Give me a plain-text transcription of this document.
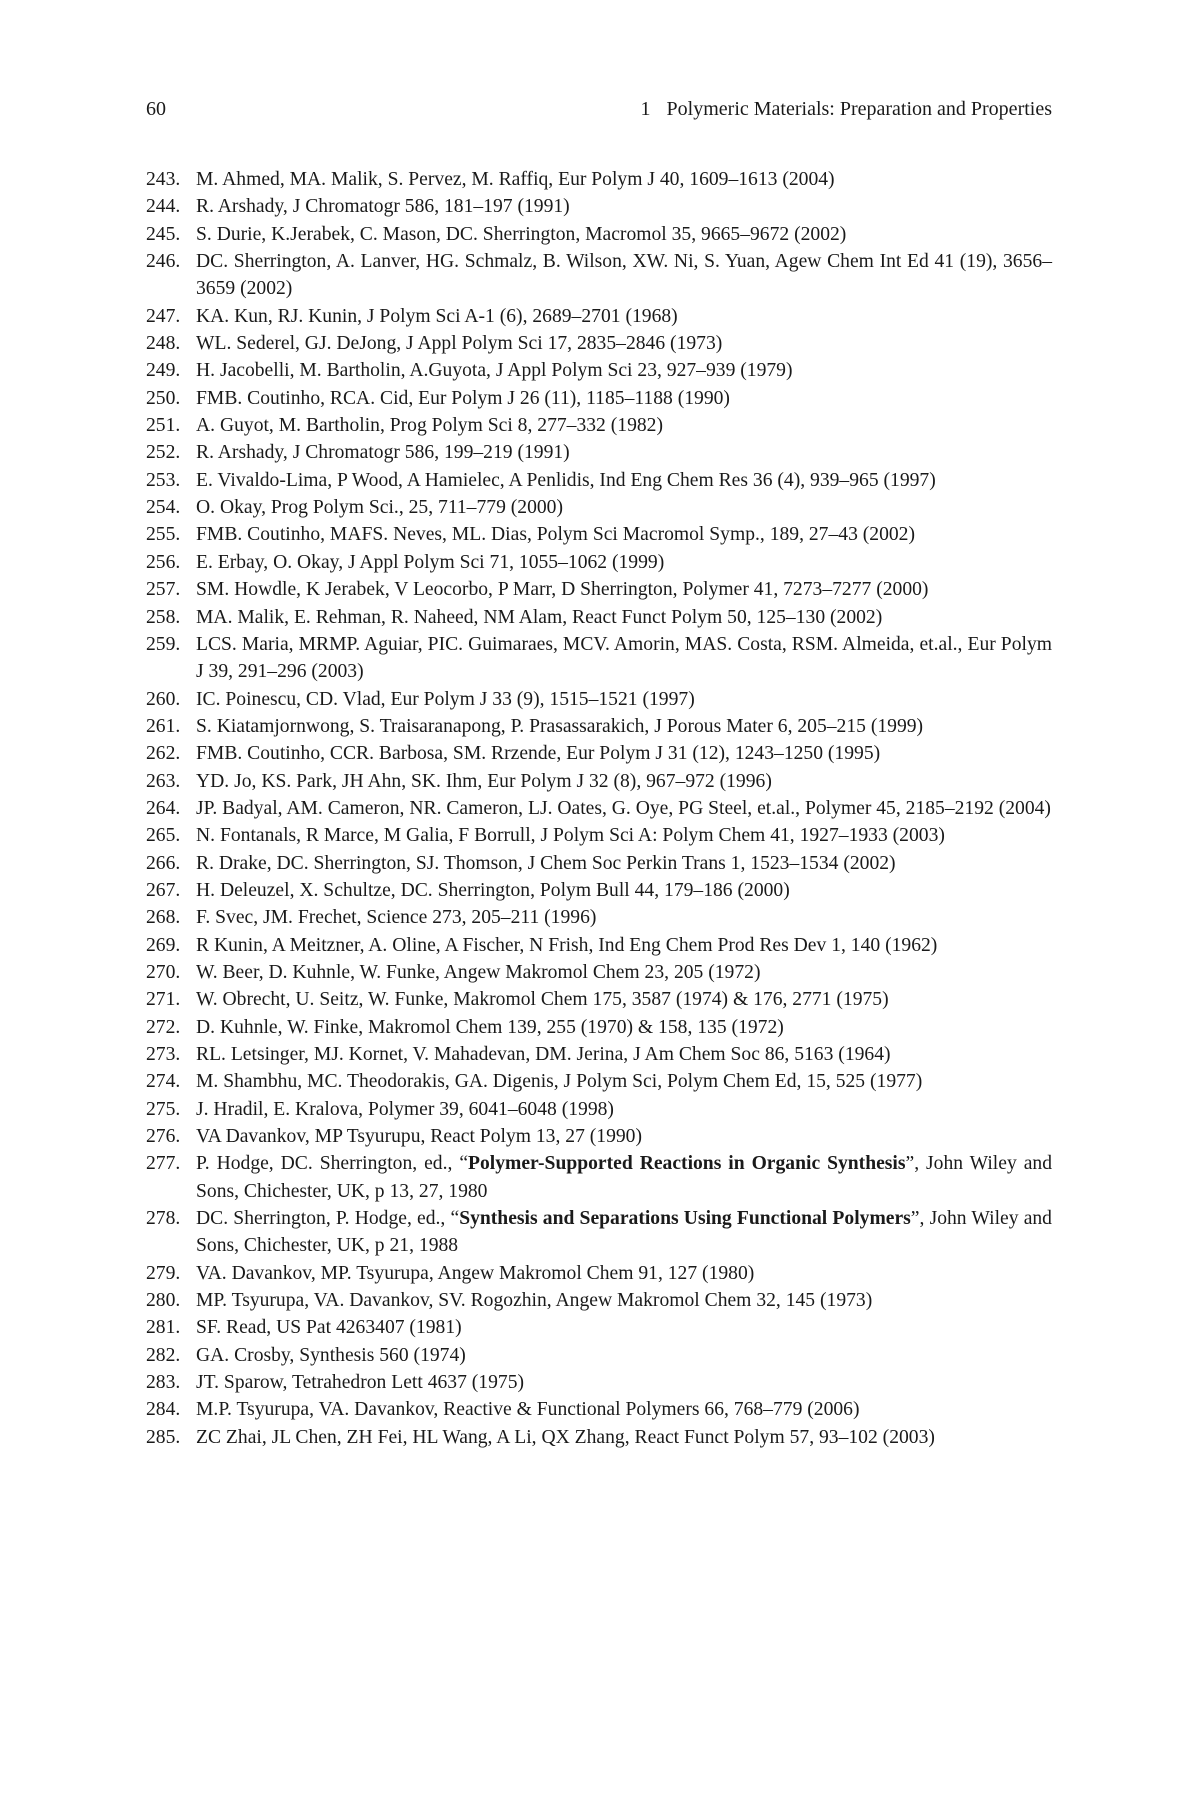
60	1 Polymeric Materials: Preparation and Properties
243. M. Ahmed, MA. Malik, S. Pervez, M. Raffiq, Eur Polym J 40, 1609–1613 (2004)
244. R. Arshady, J Chromatogr 586, 181–197 (1991)
245. S. Durie, K.Jerabek, C. Mason, DC. Sherrington, Macromol 35, 9665–9672 (2002)
246. DC. Sherrington, A. Lanver, HG. Schmalz, B. Wilson, XW. Ni, S. Yuan, Agew Chem Int Ed 41 (19), 3656–3659 (2002)
247. KA. Kun, RJ. Kunin, J Polym Sci A-1 (6), 2689–2701 (1968)
248. WL. Sederel, GJ. DeJong, J Appl Polym Sci 17, 2835–2846 (1973)
249. H. Jacobelli, M. Bartholin, A.Guyota, J Appl Polym Sci 23, 927–939 (1979)
250. FMB. Coutinho, RCA. Cid, Eur Polym J 26 (11), 1185–1188 (1990)
251. A. Guyot, M. Bartholin, Prog Polym Sci 8, 277–332 (1982)
252. R. Arshady, J Chromatogr 586, 199–219 (1991)
253. E. Vivaldo-Lima, P Wood, A Hamielec, A Penlidis, Ind Eng Chem Res 36 (4), 939–965 (1997)
254. O. Okay, Prog Polym Sci., 25, 711–779 (2000)
255. FMB. Coutinho, MAFS. Neves, ML. Dias, Polym Sci Macromol Symp., 189, 27–43 (2002)
256. E. Erbay, O. Okay, J Appl Polym Sci 71, 1055–1062 (1999)
257. SM. Howdle, K Jerabek, V Leocorbo, P Marr, D Sherrington, Polymer 41, 7273–7277 (2000)
258. MA. Malik, E. Rehman, R. Naheed, NM Alam, React Funct Polym 50, 125–130 (2002)
259. LCS. Maria, MRMP. Aguiar, PIC. Guimaraes, MCV. Amorin, MAS. Costa, RSM. Almeida, et.al., Eur Polym J 39, 291–296 (2003)
260. IC. Poinescu, CD. Vlad, Eur Polym J 33 (9), 1515–1521 (1997)
261. S. Kiatamjornwong, S. Traisaranapong, P. Prasassarakich, J Porous Mater 6, 205–215 (1999)
262. FMB. Coutinho, CCR. Barbosa, SM. Rrzende, Eur Polym J 31 (12), 1243–1250 (1995)
263. YD. Jo, KS. Park, JH Ahn, SK. Ihm, Eur Polym J 32 (8), 967–972 (1996)
264. JP. Badyal, AM. Cameron, NR. Cameron, LJ. Oates, G. Oye, PG Steel, et.al., Polymer 45, 2185–2192 (2004)
265. N. Fontanals, R Marce, M Galia, F Borrull, J Polym Sci A: Polym Chem 41, 1927–1933 (2003)
266. R. Drake, DC. Sherrington, SJ. Thomson, J Chem Soc Perkin Trans 1, 1523–1534 (2002)
267. H. Deleuzel, X. Schultze, DC. Sherrington, Polym Bull 44, 179–186 (2000)
268. F. Svec, JM. Frechet, Science 273, 205–211 (1996)
269. R Kunin, A Meitzner, A. Oline, A Fischer, N Frish, Ind Eng Chem Prod Res Dev 1, 140 (1962)
270. W. Beer, D. Kuhnle, W. Funke, Angew Makromol Chem 23, 205 (1972)
271. W. Obrecht, U. Seitz, W. Funke, Makromol Chem 175, 3587 (1974) & 176, 2771 (1975)
272. D. Kuhnle, W. Finke, Makromol Chem 139, 255 (1970) & 158, 135 (1972)
273. RL. Letsinger, MJ. Kornet, V. Mahadevan, DM. Jerina, J Am Chem Soc 86, 5163 (1964)
274. M. Shambhu, MC. Theodorakis, GA. Digenis, J Polym Sci, Polym Chem Ed, 15, 525 (1977)
275. J. Hradil, E. Kralova, Polymer 39, 6041–6048 (1998)
276. VA Davankov, MP Tsyurupu, React Polym 13, 27 (1990)
277. P. Hodge, DC. Sherrington, ed., “Polymer-Supported Reactions in Organic Synthesis”, John Wiley and Sons, Chichester, UK, p 13, 27, 1980
278. DC. Sherrington, P. Hodge, ed., “Synthesis and Separations Using Functional Polymers”, John Wiley and Sons, Chichester, UK, p 21, 1988
279. VA. Davankov, MP. Tsyurupa, Angew Makromol Chem 91, 127 (1980)
280. MP. Tsyurupa, VA. Davankov, SV. Rogozhin, Angew Makromol Chem 32, 145 (1973)
281. SF. Read, US Pat 4263407 (1981)
282. GA. Crosby, Synthesis 560 (1974)
283. JT. Sparow, Tetrahedron Lett 4637 (1975)
284. M.P. Tsyurupa, VA. Davankov, Reactive & Functional Polymers 66, 768–779 (2006)
285. ZC Zhai, JL Chen, ZH Fei, HL Wang, A Li, QX Zhang, React Funct Polym 57, 93–102 (2003)
